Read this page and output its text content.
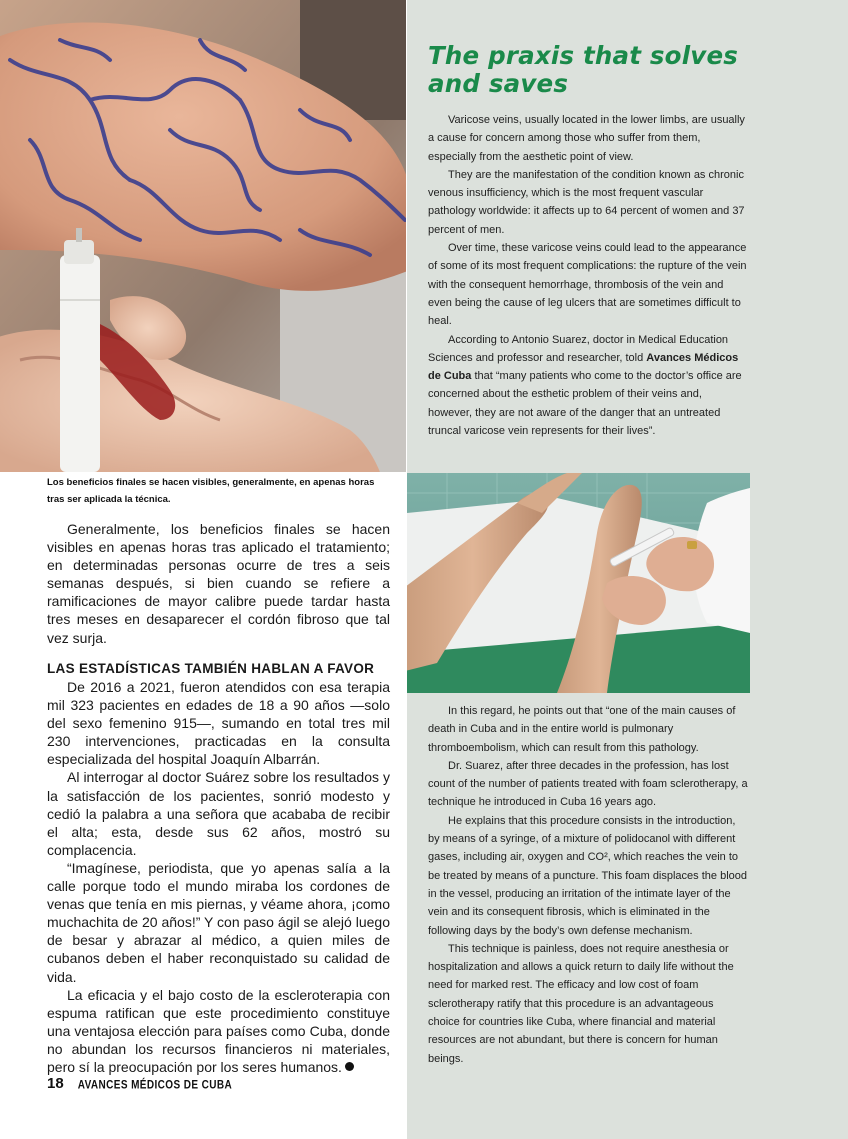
Los beneficios finales se hacen visibles, generalmente, en apenas horas tras ser aplicada la técnica.
The praxis that solves and saves

Varicose veins, usually located in the lower limbs, are usually a cause for concern among those who suffer from them, especially from the aesthetic point of view.

They are the manifestation of the condition known as chronic venous insufficiency, which is the most frequent vascular pathology worldwide: it affects up to 64 percent of women and 37 percent of men.

Over time, these varicose veins could lead to the appearance of some of its most frequent complications: the rupture of the vein with the consequent hemorrhage, thrombosis of the vein and even being the cause of leg ulcers that are sometimes difficult to heal.

According to Antonio Suarez, doctor in Medical Education Sciences and professor and researcher, told Avances Médicos de Cuba that “many patients who come to the doctor’s office are concerned about the esthetic problem of their veins and, however, they are not aware of the danger that an untreated truncal varicose vein represents for their lives”.

In this regard, he points out that “one of the main causes of death in Cuba and in the entire world is pulmonary thromboembolism, which can result from this pathology.

Dr. Suarez, after three decades in the profession, has lost count of the number of patients treated with foam sclerotherapy, a technique he introduced in Cuba 16 years ago.

He explains that this procedure consists in the introduction, by means of a syringe, of a mixture of polidocanol with different gases, including air, oxygen and CO², which reaches the vein to be treated by means of a puncture. This foam displaces the blood in the vessel, producing an irritation of the intimate layer of the vein and its consequent fibrosis, which is eliminated in the following days by the body’s own defense mechanism.

This technique is painless, does not require anesthesia or hospitalization and allows a quick return to daily life without the need for marked rest. The efficacy and low cost of foam sclerotherapy ratify that this procedure is an advantageous choice for countries like Cuba, where financial and material resources are not abundant, but there is concern for human beings.

Generalmente, los beneficios finales se hacen visibles en apenas horas tras aplicado el tratamiento; en determinadas personas ocurre de tres a seis semanas después, si bien cuando se refiere a ramificaciones de mayor calibre puede tardar hasta tres meses en desaparecer el cordón fibroso que tal vez surja.

LAS ESTADÍSTICAS TAMBIÉN HABLAN A FAVOR

De 2016 a 2021, fueron atendidos con esa terapia mil 323 pacientes en edades de 18 a 90 años —solo del sexo femenino 915—, sumando en total tres mil 230 intervenciones, practicadas en la consulta especializada del hospital Joaquín Albarrán.

Al interrogar al doctor Suárez sobre los resultados y la satisfacción de los pacientes, sonrió modesto y cedió la palabra a una señora que acababa de recibir el alta; esta, desde sus 62 años, mostró su complacencia.

“Imagínese, periodista, que yo apenas salía a la calle porque todo el mundo miraba los cordones de venas que tenía en mis piernas, y véame ahora, ¡como muchachita de 20 años!” Y con paso ágil se alejó luego de besar y abrazar al médico, a quien miles de cubanos deben el haber reconquistado su calidad de vida.

La eficacia y el bajo costo de la escleroterapia con espuma ratifican que este procedimiento constituye una ventajosa elección para países como Cuba, donde no abundan los recursos financieros ni materiales, pero sí la preocupación por los seres humanos.

18 AVANCES MÉDICOS DE CUBA
